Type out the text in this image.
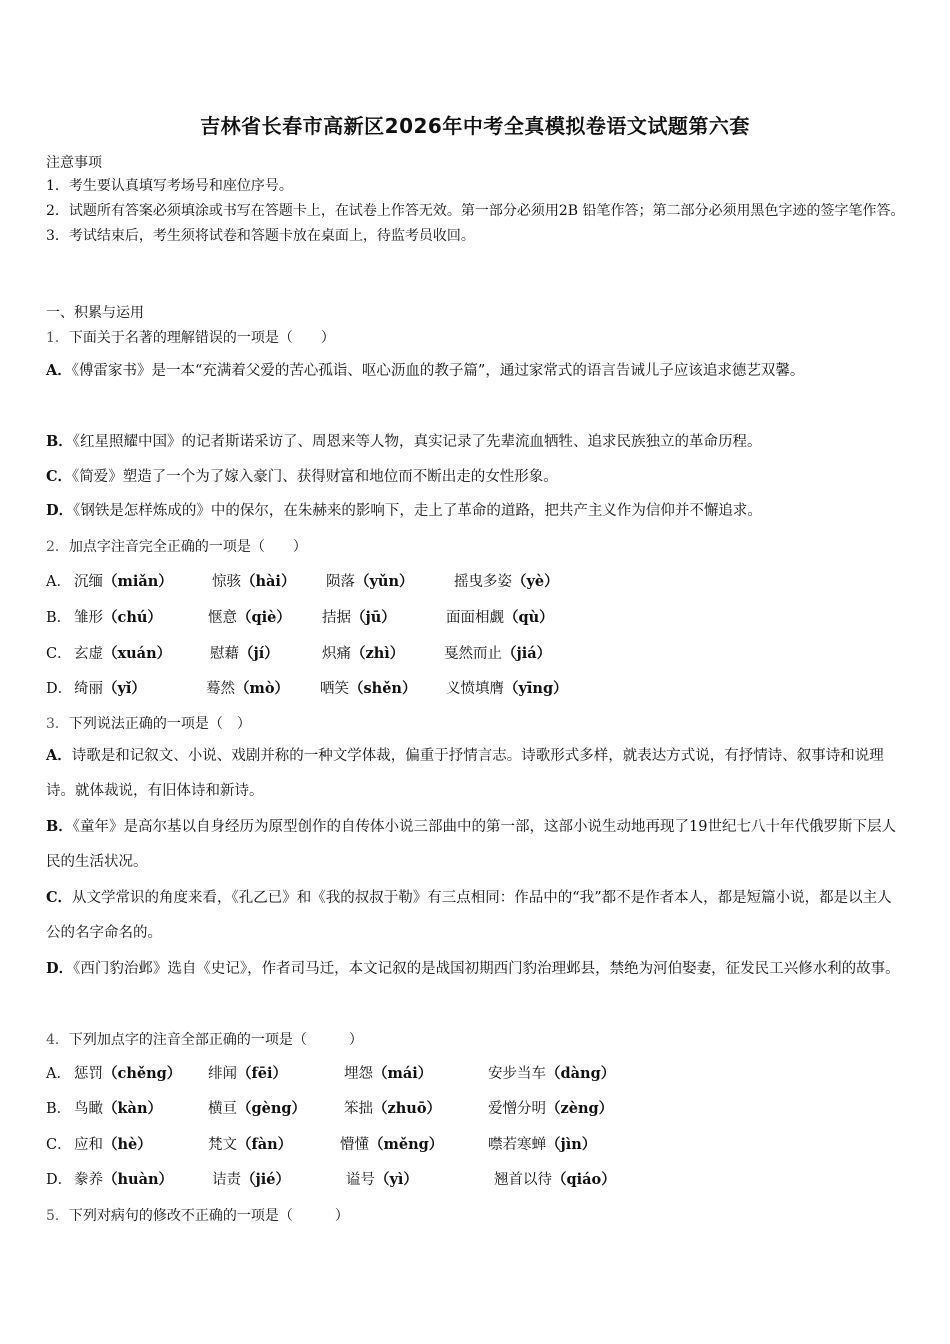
吉林省长春市高新区2026年中考全真模拟卷语文试题第六套
注意事项
1．考生要认真填写考场号和座位序号。
2．试题所有答案必须填涂或书写在答题卡上，在试卷上作答无效。第一部分必须用2B 铅笔作答；第二部分必须用黑色字迹的签字笔作答。
3．考试结束后，考生须将试卷和答题卡放在桌面上，待监考员收回。
一、积累与运用
1．下面关于名著的理解错误的一项是（　　）
A．《傅雷家书》是一本“充满着父爱的苦心孤诣、呕心沥血的教子篇”，通过家常式的语言告诫儿子应该追求德艺双馨。
B．《红星照耀中国》的记者斯诺采访了、周恩来等人物，真实记录了先辈流血牺牲、追求民族独立的革命历程。
C．《简爱》塑造了一个为了嫁入豪门、获得财富和地位而不断出走的女性形象。
D．《钢铁是怎样炼成的》中的保尔，在朱赫来的影响下，走上了革命的道路，把共产主义作为信仰并不懈追求。
2．加点字注音完全正确的一项是（　　）
A． 沉缅（miǎn）	惊骇（hài） 陨落（yǔn）	摇曳多姿（yè）
B． 雏形（chú）	惬意（qiè） 拮据（jū）	面面相觑（qù）
C． 玄虚（xuán）	慰藉（jí）	炽痛（zhì）	戛然而止（jiá）
D． 绮丽（yǐ）	蓦然（mò） 哂笑（shěn） 义愤填膺（yīng）
3．下列说法正确的一项是（　）
A．诗歌是和记叙文、小说、戏剧并称的一种文学体裁，偏重于抒情言志。诗歌形式多样，就表达方式说，有抒情诗、叙事诗和说理诗。就体裁说，有旧体诗和新诗。
B．《童年》是高尔基以自身经历为原型创作的自传体小说三部曲中的第一部，这部小说生动地再现了19世纪七八十年代俄罗斯下层人民的生活状况。
C．从文学常识的角度来看，《孔乙已》和《我的叔叔于勒》有三点相同：作品中的“我”都不是作者本人，都是短篇小说，都是以主人公的名字命名的。
D．《西门豹治邺》选自《史记》，作者司马迁，本文记叙的是战国初期西门豹治理邺县，禁绝为河伯娶妻，征发民工兴修水利的故事。
4．下列加点字的注音全部正确的一项是（　　　）
A． 惩罚（chěng） 绯闻（fēi）	埋怨（mái）	安步当车（dàng）
B． 鸟瞰（kàn）	横亘（gèng）	笨拙（zhuō）	爱憎分明（zèng）
C． 应和（hè）	梵文（fàn）	懵懂（měng）	噤若寒蝉（jìn）
D． 豢养（huàn）	诘责（jié）	谥号（yì）	翘首以待（qiáo）
5．下列对病句的修改不正确的一项是（　　　）
